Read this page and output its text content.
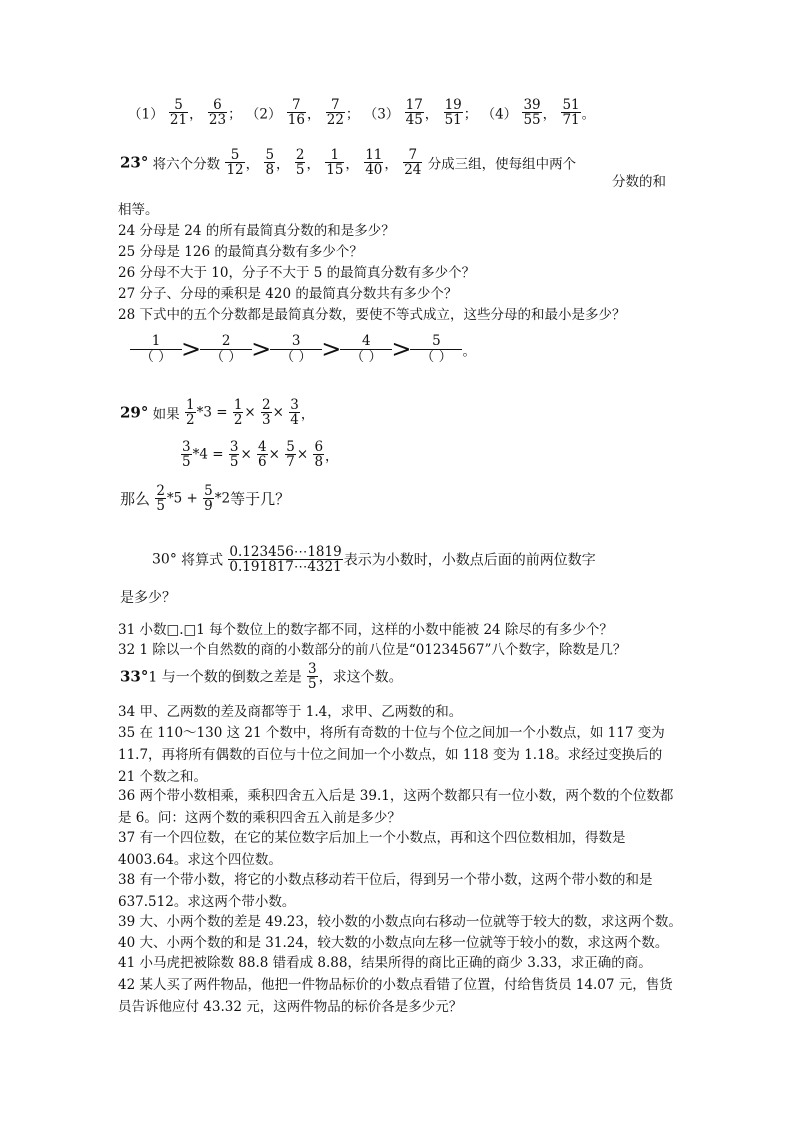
$(1) \frac{5}{21}$ ， $\frac{6}{23}$ ； $(2) \frac{7}{16}$ ， $\frac{7}{22}$ ； $(3) \frac{17}{45}$ ， $\frac{19}{51}$ ； $(4) \frac{39}{55}$ ， $\frac{51}{71}$ 。
23° 将六个分数 $\frac{5}{12}$ ， $\frac{5}{8}$ ， $\frac{2}{5}$ ， $\frac{1}{15}$ ， $\frac{11}{40}$ ， $\frac{7}{24}$ 分成三组，使每组中两个
分数的和
相等。
24 分母是 24 的所有最简真分数的和是多少？
25 分母是 126 的最简真分数有多少个？
26 分母不大于 10，分子不大于 5 的最简真分数有多少个？
27 分子、分母的乘积是 420 的最简真分数共有多少个？
28 下式中的五个分数都是最简真分数，要使不等式成立，这些分母的和最小是多少？
$\frac{1}{( )} > \frac{2}{( )} > \frac{3}{( )} > \frac{4}{( )} > \frac{5}{( )}$ 。
29° 如果 $\frac{1}{2} *3 = \frac{1}{2} \times \frac{2}{3} \times \frac{3}{4}$ ，
$\frac{3}{5} *4 = \frac{3}{5} \times \frac{4}{6} \times \frac{5}{7} \times \frac{6}{8}$ ，
那么 $\frac{2}{5} *5 + \frac{5}{9} *2$等于几？
30° 将算式 $\frac{0.123456\cdots 1819}{0.191817\cdots 4321}$ 表示为小数时，小数点后面的前两位数字
是多少？
31 小数□.□1 每个数位上的数字都不同，这样的小数中能被 24 除尽的有多少个？
32 1 除以一个自然数的商的小数部分的前八位是“01234567”八个数字，除数是几？
33°1 与一个数的倒数之差是 $\frac{3}{5}$ ，求这个数。
34 甲、乙两数的差及商都等于 1.4，求甲、乙两数的和。
35 在 110～130 这 21 个数中，将所有奇数的十位与个位之间加一个小数点，如 117 变为 11.7，再将所有偶数的百位与十位之间加一个小数点，如 118 变为 1.18。求经过变换后的 21 个数之和。
36 两个带小数相乘，乘积四舍五入后是 39.1，这两个数都只有一位小数，两个数的个位数都是 6。问：这两个数的乘积四舍五入前是多少？
37 有一个四位数，在它的某位数字后加上一个小数点，再和这个四位数相加，得数是 4003.64。求这个四位数。
38 有一个带小数，将它的小数点移动若干位后，得到另一个带小数，这两个带小数的和是 637.512。求这两个带小数。
39 大、小两个数的差是 49.23，较小数的小数点向右移动一位就等于较大的数，求这两个数。
40 大、小两个数的和是 31.24，较大数的小数点向左移一位就等于较小的数，求这两个数。
41 小马虎把被除数 88.8 错看成 8.88，结果所得的商比正确的商少 3.33，求正确的商。
42 某人买了两件物品，他把一件物品标价的小数点看错了位置，付给售货员 14.07 元，售货员告诉他应付 43.32 元，这两件物品的标价各是多少元？
